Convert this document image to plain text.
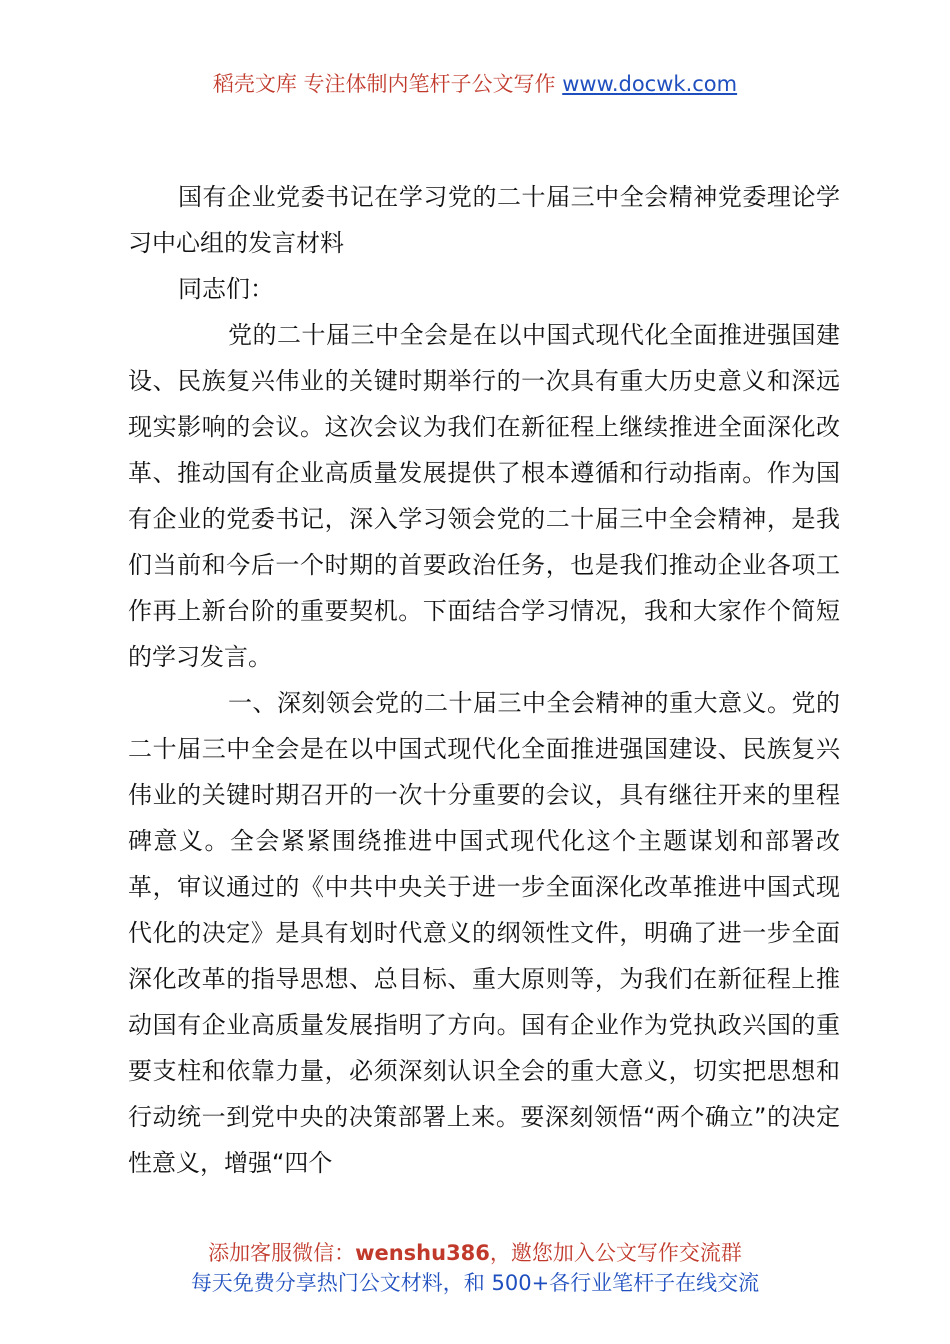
稻壳文库 专注体制内笔杆子公文写作 www.docwk.com

国有企业党委书记在学习党的二十届三中全会精神党委理论学习中心组的发言材料

同志们：

党的二十届三中全会是在以中国式现代化全面推进强国建设、民族复兴伟业的关键时期举行的一次具有重大历史意义和深远现实影响的会议。这次会议为我们在新征程上继续推进全面深化改革、推动国有企业高质量发展提供了根本遵循和行动指南。作为国有企业的党委书记，深入学习领会党的二十届三中全会精神，是我们当前和今后一个时期的首要政治任务，也是我们推动企业各项工作再上新台阶的重要契机。下面结合学习情况，我和大家作个简短的学习发言。

一、深刻领会党的二十届三中全会精神的重大意义。党的二十届三中全会是在以中国式现代化全面推进强国建设、民族复兴伟业的关键时期召开的一次十分重要的会议，具有继往开来的里程碑意义。全会紧紧围绕推进中国式现代化这个主题谋划和部署改革，审议通过的《中共中央关于进一步全面深化改革推进中国式现代化的决定》是具有划时代意义的纲领性文件，明确了进一步全面深化改革的指导思想、总目标、重大原则等，为我们在新征程上推动国有企业高质量发展指明了方向。国有企业作为党执政兴国的重要支柱和依靠力量，必须深刻认识全会的重大意义，切实把思想和行动统一到党中央的决策部署上来。要深刻领悟“两个确立”的决定性意义，增强“四个

添加客服微信：wenshu386，邀您加入公文写作交流群
每天免费分享热门公文材料，和 500+各行业笔杆子在线交流
